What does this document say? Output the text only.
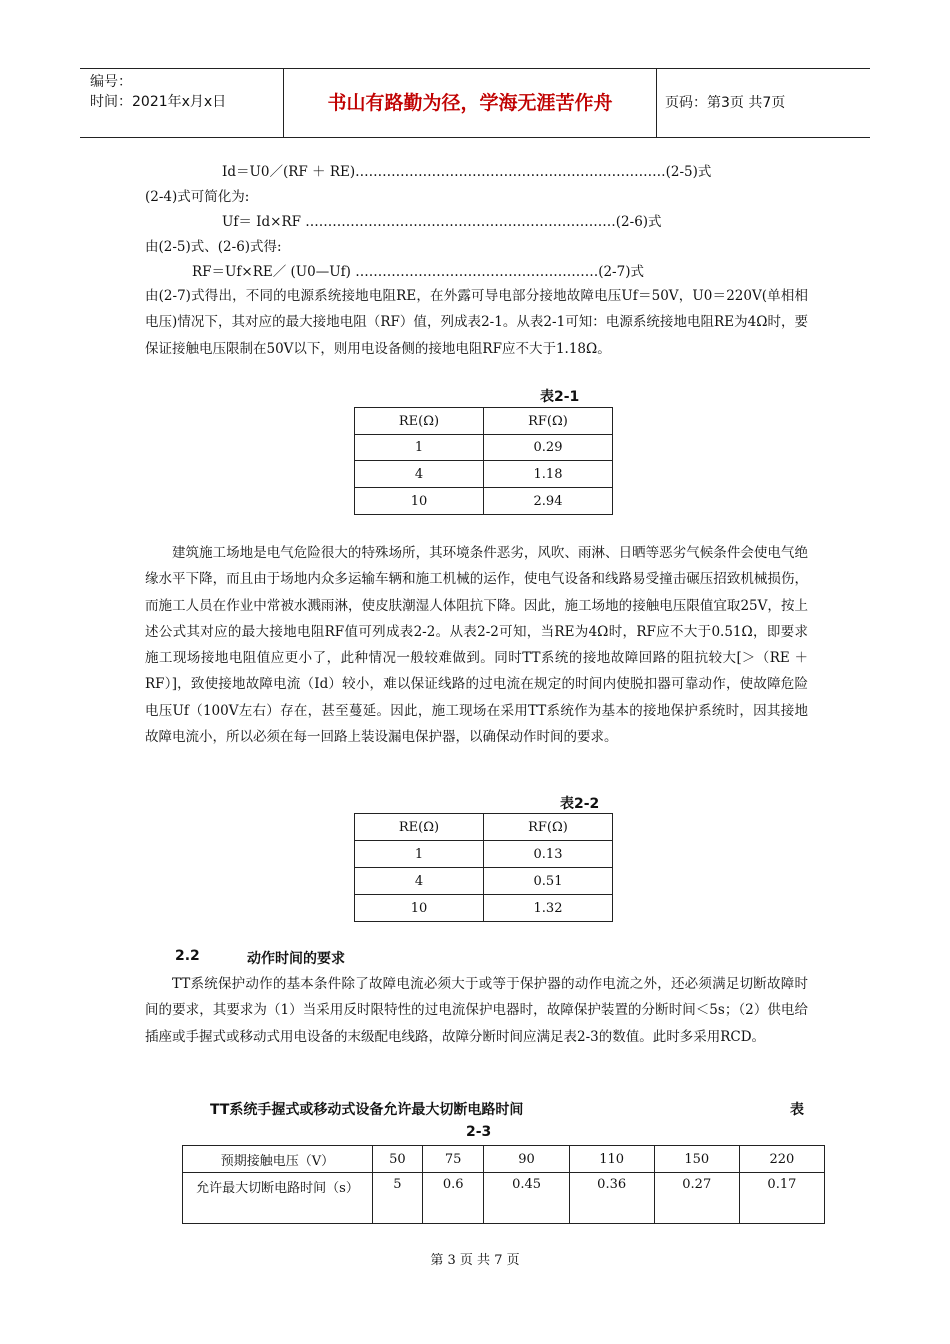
编号：
时间：2021年x月x日	书山有路勤为径，学海无涯苦作舟	页码：第3页 共7页
Id＝U0／(RF ＋ RE)……………………………………………………………(2-5)式
(2-4)式可简化为:
Uf＝ Id×RF ……………………………………………………………(2-6)式
由(2-5)式、(2-6)式得:
RF＝Uf×RE／ (U0—Uf) ………………………………………………(2-7)式
由(2-7)式得出，不同的电源系统接地电阻RE，在外露可导电部分接地故障电压Uf＝50V，U0＝220V(单相相电压)情况下，其对应的最大接地电阻（RF）值，列成表2-1。从表2-1可知：电源系统接地电阻RE为4Ω时，要保证接触电压限制在50V以下，则用电设备侧的接地电阻RF应不大于1.18Ω。
表2-1
RE(Ω)	RF(Ω)
1	0.29
4	1.18
10	2.94
建筑施工场地是电气危险很大的特殊场所，其环境条件恶劣，风吹、雨淋、日晒等恶劣气候条件会使电气绝缘水平下降，而且由于场地内众多运输车辆和施工机械的运作，使电气设备和线路易受撞击碾压招致机械损伤，而施工人员在作业中常被水溅雨淋，使皮肤潮湿人体阻抗下降。因此，施工场地的接触电压限值宜取25V，按上述公式其对应的最大接地电阻RF值可列成表2-2。从表2-2可知，当RE为4Ω时，RF应不大于0.51Ω，即要求施工现场接地电阻值应更小了，此种情况一般较难做到。同时TT系统的接地故障回路的阻抗较大[＞（RE ＋ RF）]，致使接地故障电流（Id）较小，难以保证线路的过电流在规定的时间内使脱扣器可靠动作，使故障危险电压Uf（100V左右）存在，甚至蔓延。因此，施工现场在采用TT系统作为基本的接地保护系统时，因其接地故障电流小，所以必须在每一回路上装设漏电保护器，以确保动作时间的要求。
表2-2
RE(Ω)	RF(Ω)
1	0.13
4	0.51
10	1.32
2.2	动作时间的要求
TT系统保护动作的基本条件除了故障电流必须大于或等于保护器的动作电流之外，还必须满足切断故障时间的要求，其要求为（1）当采用反时限特性的过电流保护电器时，故障保护装置的分断时间＜5s；（2）供电给插座或手握式或移动式用电设备的末级配电线路，故障分断时间应满足表2-3的数值。此时多采用RCD。
TT系统手握式或移动式设备允许最大切断电路时间	表
2-3
预期接触电压（V）	50	75	90	110	150	220
允许最大切断电路时间（s）	5	0.6	0.45	0.36	0.27	0.17
第 3 页 共 7 页
